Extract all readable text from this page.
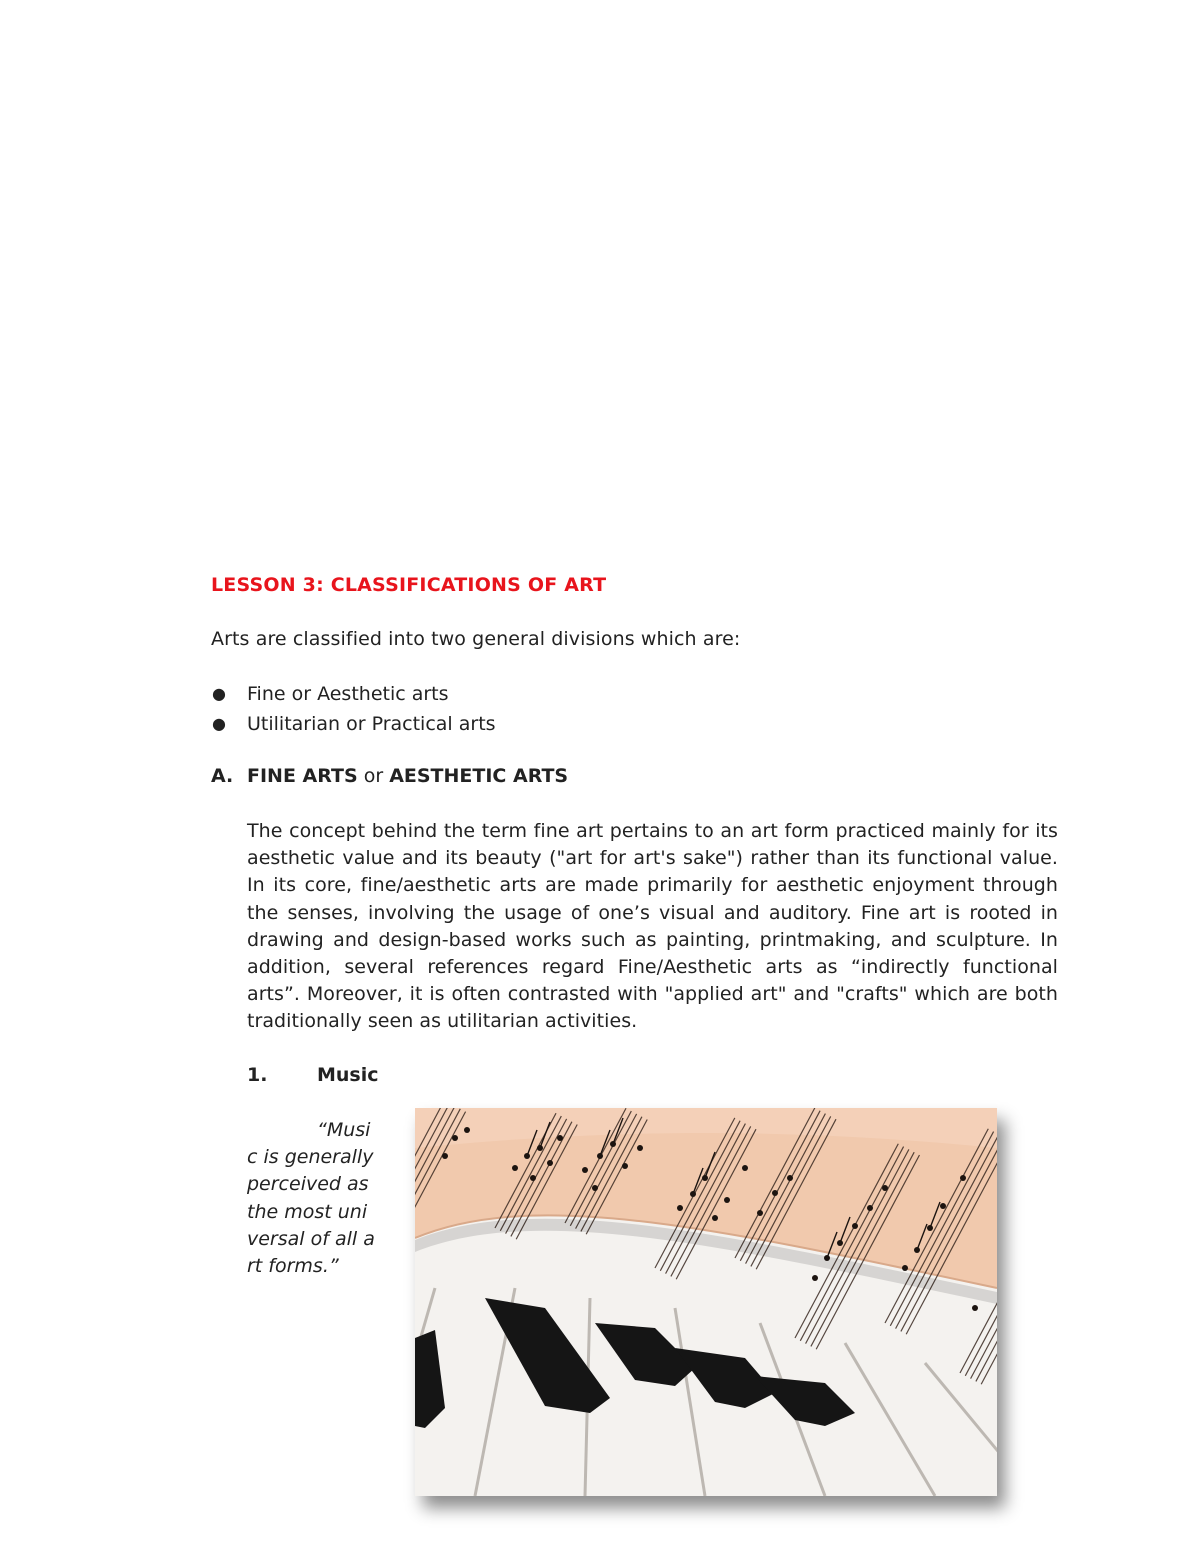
LESSON 3: CLASSIFICATIONS OF ART
Arts are classified into two general divisions which are:
● Fine or Aesthetic arts
● Utilitarian or Practical arts
A. FINE ARTS or AESTHETIC ARTS

The concept behind the term fine art pertains to an art form practiced mainly for its aesthetic value and its beauty ("art for art's sake") rather than its functional value. In its core, fine/aesthetic arts are made primarily for aesthetic enjoyment through the senses, involving the usage of one’s visual and auditory. Fine art is rooted in drawing and design-based works such as painting, printmaking, and sculpture. In addition, several references regard Fine/Aesthetic arts as “indirectly functional arts”. Moreover, it is often contrasted with "applied art" and "crafts" which are both traditionally seen as utilitarian activities.

1.	Music
“Music is generally perceived as the most universal of all art forms.”
